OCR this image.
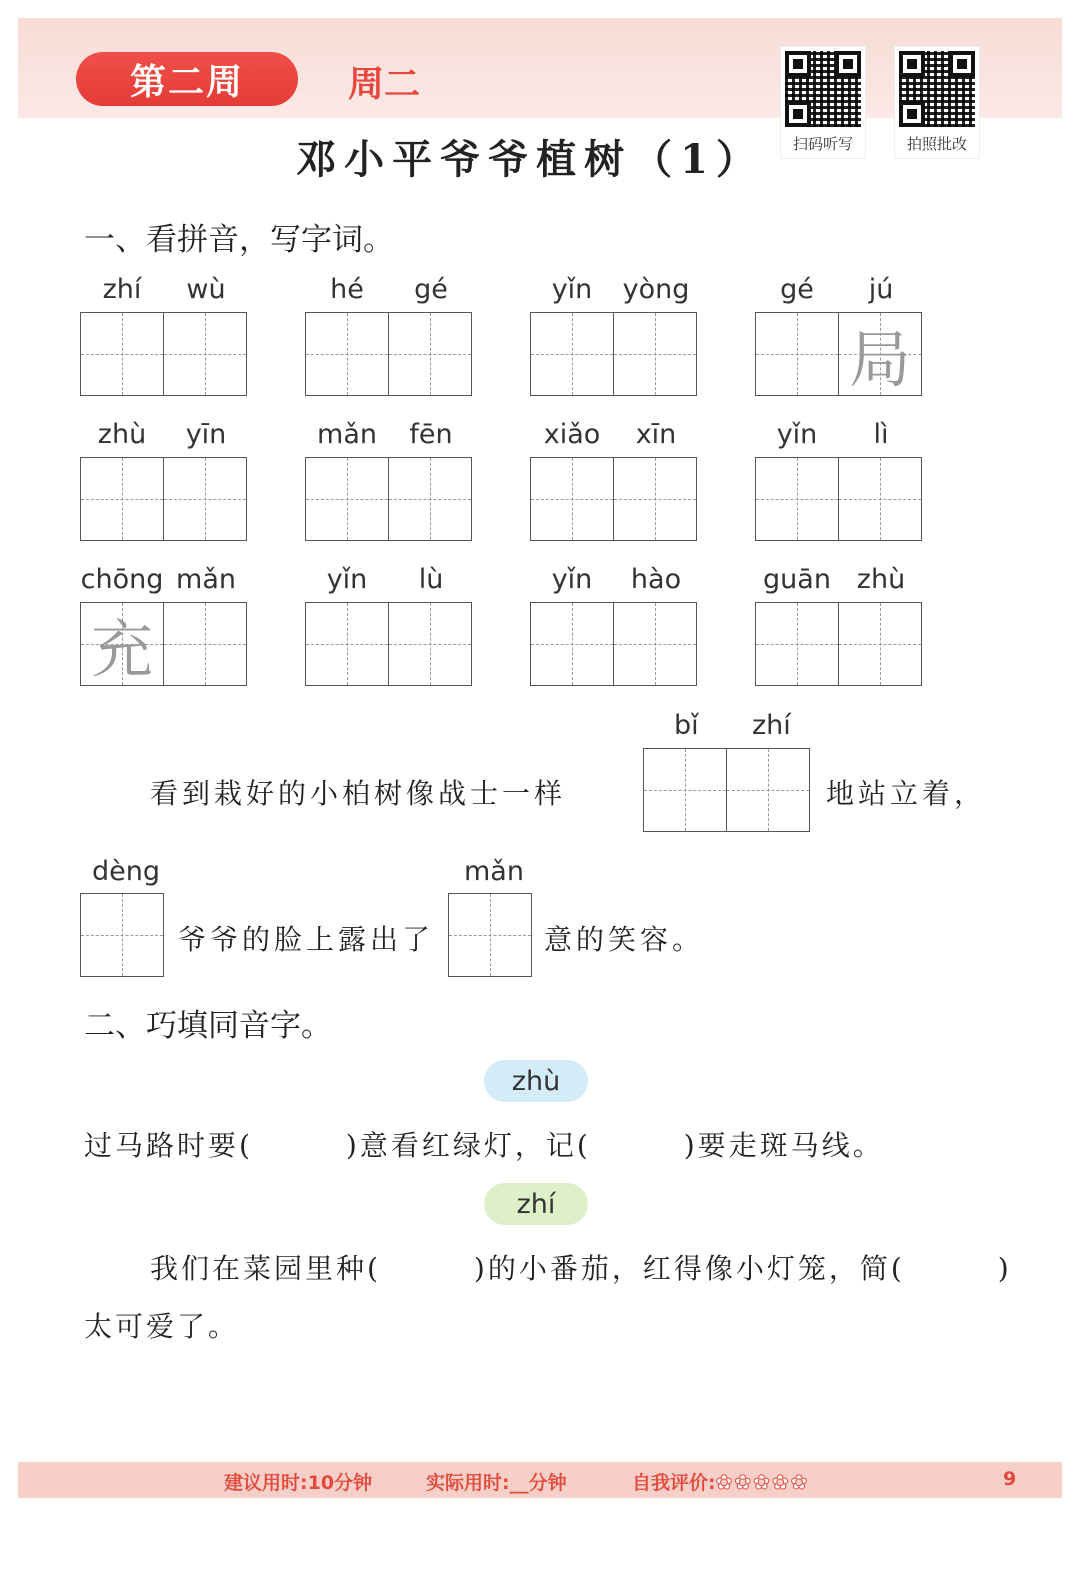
第二周	周二
扫码听写	拍照批改
邓小平爷爷植树（1）
一、看拼音，写字词。
zhí	wù	hé	gé	yǐn	yòng	gé	jú
局
zhù	yīn	mǎn	fēn	xiǎo	xīn	yǐn	lì
chōng mǎn
充
yǐn	lù	yǐn	hào	guān zhù
看到栽好的小柏树像战士一样
bǐ zhí
地站立着，
dèng
爷爷的脸上露出了
mǎn
意的笑容。
二、巧填同音字。
zhù
过马路时要(　　　)意看红绿灯，记(　　　)要走斑马线。
zhí
我们在菜园里种(　　　)的小番茄，红得像小灯笼，简(　　　)
太可爱了。
建议用时:10分钟	实际用时:__分钟	自我评价:✿ ✿ ✿ ✿ ✿	9
